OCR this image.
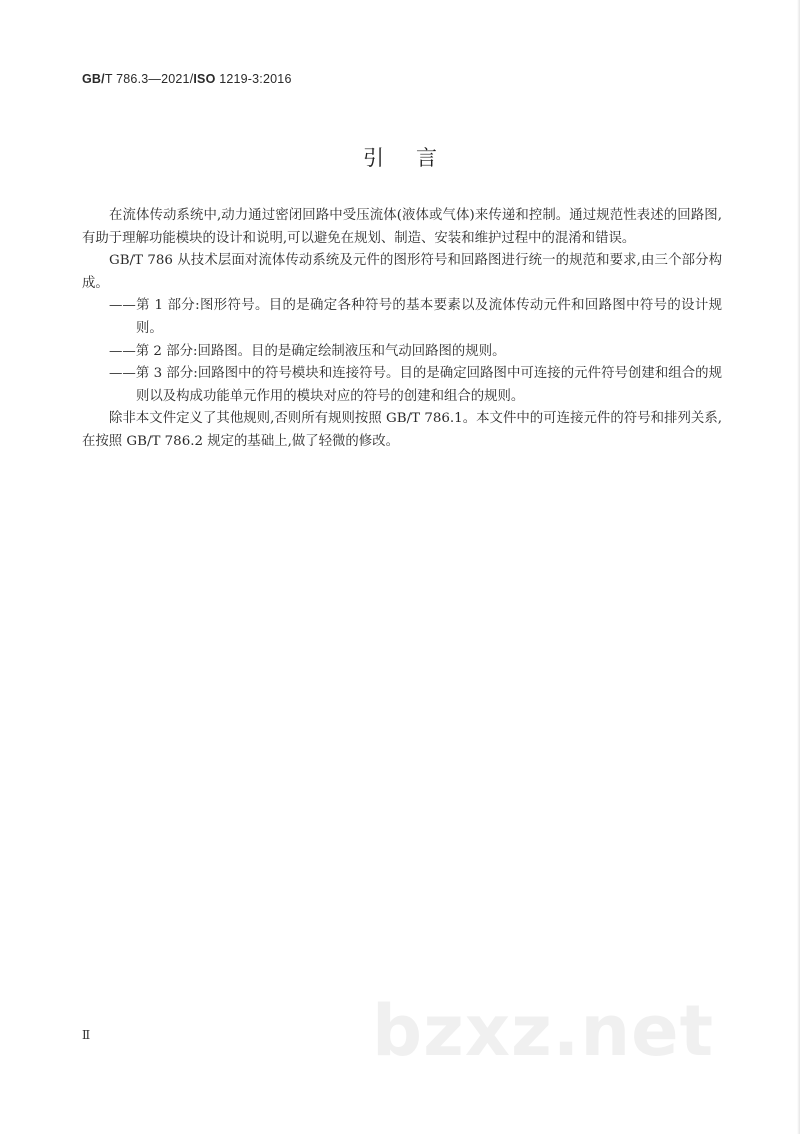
GB/T 786.3—2021/ISO 1219-3:2016
引言

在流体传动系统中,动力通过密闭回路中受压流体(液体或气体)来传递和控制。通过规范性表述的回路图,有助于理解功能模块的设计和说明,可以避免在规划、制造、安装和维护过程中的混淆和错误。

GB/T 786 从技术层面对流体传动系统及元件的图形符号和回路图进行统一的规范和要求,由三个部分构成。

——第 1 部分:图形符号。目的是确定各种符号的基本要素以及流体传动元件和回路图中符号的设计规则。

——第 2 部分:回路图。目的是确定绘制液压和气动回路图的规则。

——第 3 部分:回路图中的符号模块和连接符号。目的是确定回路图中可连接的元件符号创建和组合的规则以及构成功能单元作用的模块对应的符号的创建和组合的规则。

除非本文件定义了其他规则,否则所有规则按照 GB/T 786.1。本文件中的可连接元件的符号和排列关系,在按照 GB/T 786.2 规定的基础上,做了轻微的修改。

Ⅱ	bzxz.net
